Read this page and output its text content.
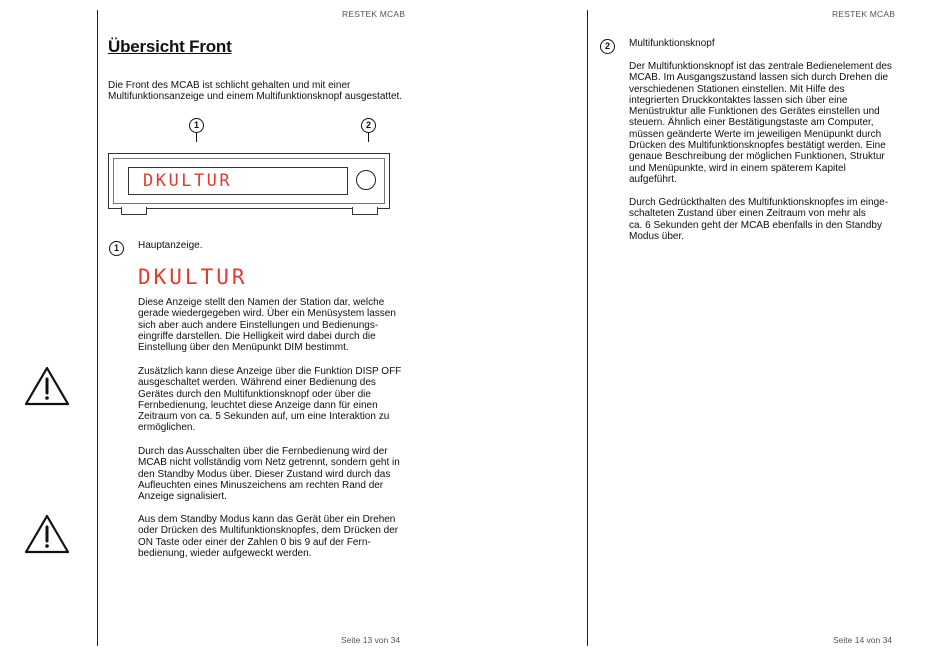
RESTEK MCAB
Übersicht Front

Die Front des MCAB ist schlicht gehalten und mit einer
Multifunktionsanzeige und einem Multifunktionsknopf ausgestattet.

1	2
DKULTUR
1	Hauptanzeige.
DKULTUR

Diese Anzeige stellt den Namen der Station dar, welche
gerade wiedergegeben wird. Über ein Menüsystem lassen
sich aber auch andere Einstellungen und Bedienungs-
eingriffe darstellen. Die Helligkeit wird dabei durch die
Einstellung über den Menüpunkt DIM bestimmt.

Zusätzlich kann diese Anzeige über die Funktion DISP OFF
ausgeschaltet werden. Während einer Bedienung des
Gerätes durch den Multifunktionsknopf oder über die
Fernbedienung, leuchtet diese Anzeige dann für einen
Zeitraum von ca. 5 Sekunden auf, um eine Interaktion zu
ermöglichen.

Durch das Ausschalten über die Fernbedienung wird der
MCAB nicht vollständig vom Netz getrennt, sondern geht in
den Standby Modus über. Dieser Zustand wird durch das
Aufleuchten eines Minuszeichens am rechten Rand der
Anzeige signalisiert.

Aus dem Standby Modus kann das Gerät über ein Drehen
oder Drücken des Multifunktionsknopfes, dem Drücken der
ON Taste oder einer der Zahlen 0 bis 9 auf der Fern-
bedienung, wieder aufgeweckt werden.

Seite 13 von 34
RESTEK MCAB
2	Multifunktionsknopf

Der Multifunktionsknopf ist das zentrale Bedienelement des
MCAB. Im Ausgangszustand lassen sich durch Drehen die
verschiedenen Stationen einstellen. Mit Hilfe des
integrierten Druckkontaktes lassen sich über eine
Menüstruktur alle Funktionen des Gerätes einstellen und
steuern. Ähnlich einer Bestätigungstaste am Computer,
müssen geänderte Werte im jeweiligen Menüpunkt durch
Drücken des Multifunktionsknopfes bestätigt werden. Eine
genaue Beschreibung der möglichen Funktionen, Struktur
und Menüpunkte, wird in einem späterem Kapitel
aufgeführt.

Durch Gedrückthalten des Multifunktionsknopfes im einge-
schalteten Zustand über einen Zeitraum von mehr als
ca. 6 Sekunden geht der MCAB ebenfalls in den Standby
Modus über.

Seite 14 von 34
